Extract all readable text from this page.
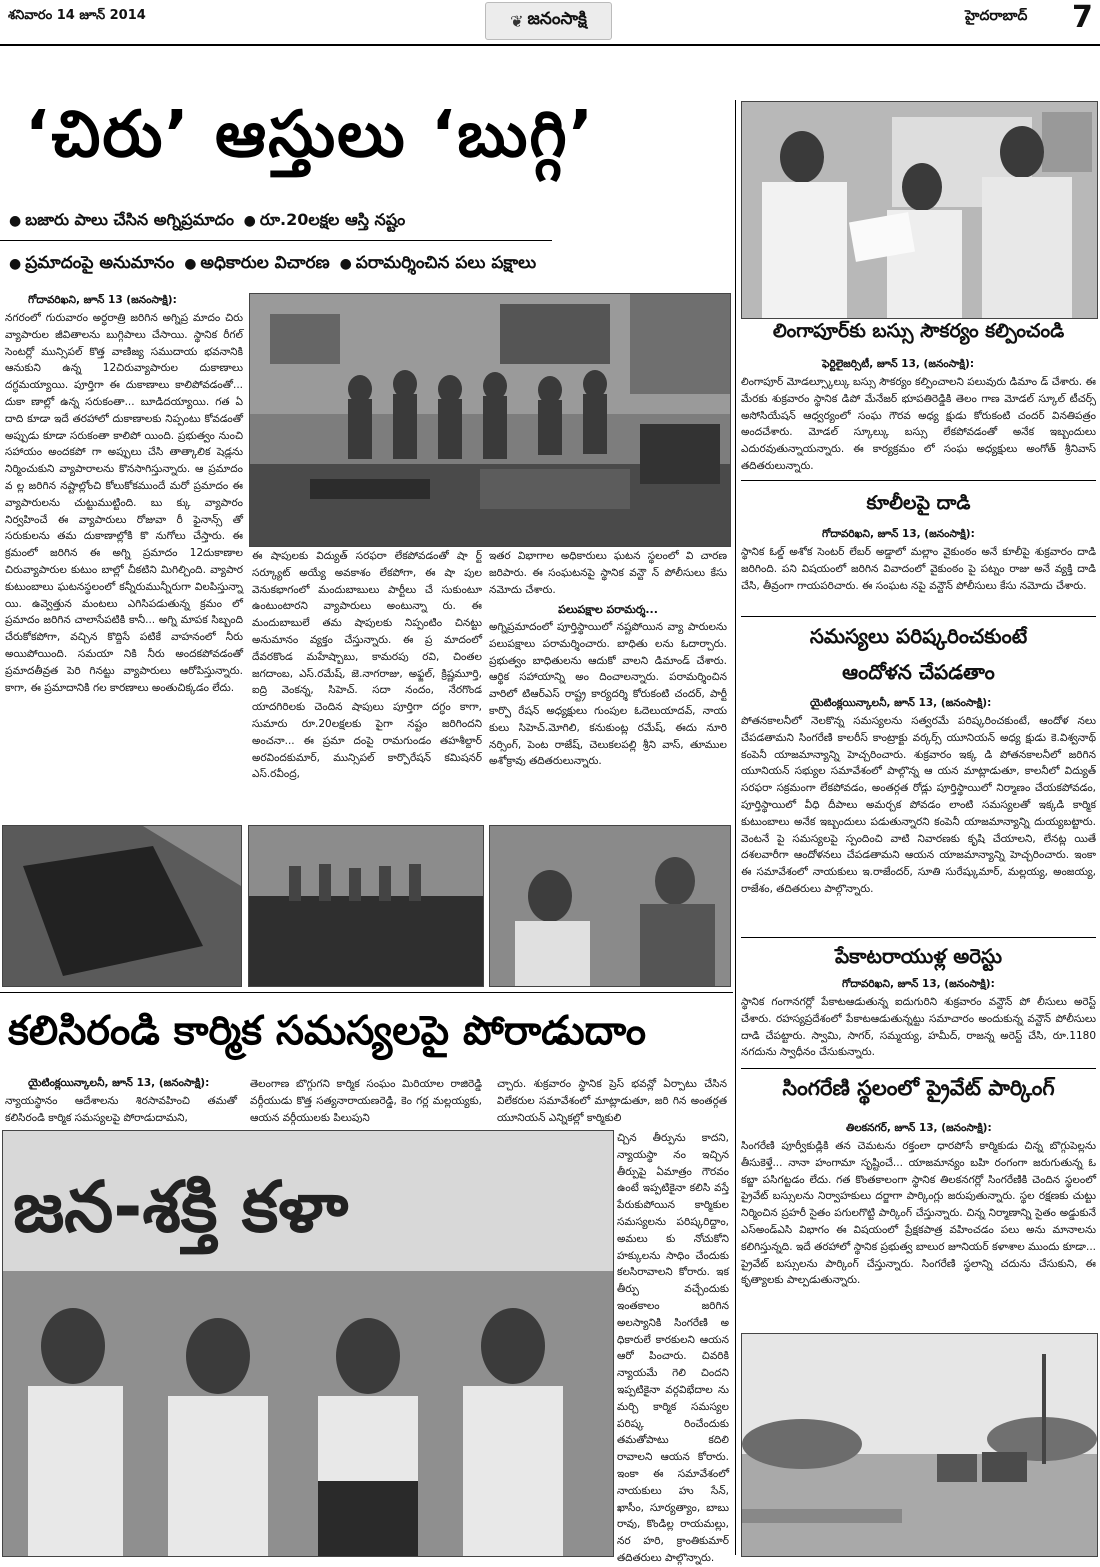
శనివారం 14 జూన్ 2014	❦ జనంసాక్షి	హైదరాబాద్ 7
‘చిరు’ ఆస్తులు ‘బుగ్గి’
● బజారు పాలు చేసిన అగ్నిప్రమాదం ● రూ.20లక్షల ఆస్తి నష్టం
● ప్రమాదంపై అనుమానం ● అధికారుల విచారణ ● పరామర్శించిన పలు పక్షాలు
గోదావరిఖని, జూన్ 13 (జనంసాక్షి):
నగరంలో గురువారం అర్ధరాత్రి జరిగిన అగ్నిప్ర మాదం చిరు వ్యాపారుల జీవితాలను బుగ్గిపాలు చేసాయి. స్థానిక రీగల్ సెంటర్లో మున్సిపల్ కొత్త వాణిజ్య సముదాయ భవనానికి ఆనుకుని ఉన్న 12చిరువ్యాపారుల దుకాణాలు దగ్ధమయ్యాయి. పూర్తిగా ఈ దుకాణాలు కాలిపోవడంతో... దుకా ణాల్లో ఉన్న సరుకంతా... బూడిదయ్యాయి. గత ఏ దాది కూడా ఇదే తరహాలో దుకాణాలకు నిప్పంటు కోవడంతో అప్పుడు కూడా సరుకంతా కాలిపో యింది. ప్రభుత్వం నుంచి సహాయం అందకపో గా అప్పులు చేసి తాత్కాలిక షెడ్లను నిర్మించుకుని వ్యాపారాలను కొనసాగిస్తున్నారు. ఆ ప్రమాదం వ ల్ల జరిగిన నష్టాల్లోంచి కోలుకోకముందే మరో ప్రమాదం ఈ వ్యాపారులను చుట్టుముట్టింది. బు క్కు వ్యాపారం నిర్వహించే ఈ వ్యాపారులు రోజువా రీ ఫైనాన్స్ తో సరుకులను తమ దుకాణాల్లోకి కొ నుగోలు చేస్తారు. ఈ క్రమంలో జరిగిన ఈ అగ్ని ప్రమాదం 12దుకాణాల చిరువ్యాపారుల కుటుం బాల్లో చీకటిని మిగిల్చింది. వ్యాపార కుటుంబాలు ఘటనస్థలంలో కన్నీరుమున్నీరుగా విలపిస్తున్నా యి. ఉవ్వెత్తున మంటలు ఎగిసిపడుతున్న క్రమం లో ప్రమాదం జరిగిన చాలాసేపటికి కానీ... అగ్ని మాపక సిబ్బంది చేరుకోకపోగా, వచ్చిన కొద్దిసే పటికే వాహనంలో నీరు అయిపోయింది. సమయా నికి నీరు అందకపోవడంతో ప్రమాదతీవ్రత పెరి గినట్టు వ్యాపారులు ఆరోపిస్తున్నారు. కాగా, ఈ ప్రమాదానికి గల కారణాలు అంతుచిక్కడం లేదు.
ఈ షాపులకు విద్యుత్ సరఫరా లేకపోవడంతో షా ర్ట్ సర్క్యూట్ అయ్యే అవకాశం లేకపోగా, ఈ షా పుల వెనుకభాగంలో మందుబాబులు పార్టీలు చే సుకుంటూ ఉంటుంటారని వ్యాపారులు అంటున్నా రు. ఈ మందుబాబులే తమ షాపులకు నిప్పంటిం చినట్టు అనుమానం వ్యక్తం చేస్తున్నారు. ఈ ప్ర మాదంలో దేవరకొండ మహేష్బాబు, కామరపు రవి, చింతల జగదాంబ, ఎస్.రమేష్, జె.నాగరాజు, అఫ్జల్, క్రిష్ణమూర్తి, ఐద్రి వెంకన్న, సిహెచ్. సదా నందం, నేరగొండ యాదగిరిలకు చెందిన షాపులు పూర్తిగా దగ్ధం కాగా, సుమారు రూ.20లక్షలకు పైగా నష్టం జరిగిందని అంచనా... ఈ ప్రమా దంపై రామగుండం తహశీల్దార్ అరవిందకుమార్, మున్సిపల్ కార్పొరేషన్ కమిషనర్ ఎస్.రవీంద్ర,
ఇతర విభాగాల అధికారులు ఘటన స్థలంలో వి చారణ జరిపారు. ఈ సంఘటనపై స్థానిక వన్టౌ న్ పోలీసులు కేసు నమోదు చేశారు.
పలుపక్షాల పరామర్శ...
అగ్నిప్రమాదంలో పూర్తిస్థాయిలో నష్టపోయిన వ్యా పారులను పలుపక్షాలు పరామర్శించారు. బాధితు లను ఓదార్చారు. ప్రభుత్వం బాధితులను ఆదుకో వాలని డిమాండ్ చేశారు. ఆర్థిక సహాయాన్ని అం దించాలన్నారు. పరామర్శించిన వారిలో టిఆర్ఎస్ రాష్ట్ర కార్యదర్శి కోరుకంటి చందర్, పార్టీ కార్పొ రేషన్ అధ్యక్షులు గుంపుల ఓదెలుయాదవ్, నాయ కులు సిహెచ్.మోగిలి, కనుకుంట్ల రమేష్, ఈదు నూరి నర్సింగ్, పెంట రాజేష్, చెలుకలపల్లి శ్రీని వాస్, తూముల అశోక్రావు తదితరులున్నారు.
కలిసిరండి కార్మిక సమస్యలపై పోరాడుదాం
యైటింక్లయిన్కాలనీ, జూన్ 13, (జనంసాక్షి):
న్యాయస్థానం ఆదేశాలను శిరసావహించి తమతో కలిసిరండి కార్మిక సమస్యలపై పోరాడుదామని,
తెలంగాణ బొగ్గుగని కార్మిక సంఘం మిరియాల రాజిరెడ్డి వర్గీయుడు కొత్త సత్యనారాయణరెడ్డి, కెం గర్ల మల్లయ్యకు, ఆయన వర్గీయులకు పిలుపుని
చ్చారు. శుక్రవారం స్థానిక ప్రెస్ భవన్లో ఏర్పాటు చేసిన విలేకరుల సమావేశంలో మాట్లాడుతూ, జరి గిన అంతర్గత యూనియన్ ఎన్నికల్లో కార్మికులి
జన-శక్తి కళా
చ్చిన తీర్పును కాదని, న్యాయస్థా నం ఇచ్చిన తీర్పుపై ఏమాత్రం గౌరవం ఉంటే ఇప్పటికైనా కలిసి వస్తే పేరుకుపోయిన కార్మికుల సమస్యలను పరిష్కరిద్దాం, అమలు కు నోచుకోని హక్కులను సాధిం చేందుకు కలసిరావాలని కోరారు. ఇక తీర్పు వచ్చేందుకు ఇంతకాలం జరిగిన అలస్యానికి సింగరేణి అ ధికారులే కారకులని ఆయన ఆరో పించారు. చివరికి న్యాయమే గెలి చిందని ఇప్పటికైనా వర్గవిభేదాల ను మర్చి కార్మిక సమస్యల పరిష్క రించేందుకు తమతోపాటు కదిలి రావాలని ఆయన కోరారు. ఇంకా ఈ సమావేశంలో నాయకులు హు సేన్, ఖాసీం, సూర్యత్యాం, బాబు రావు, కొండిల్ల రాయమల్లు, నర హరి, క్రాంతికుమార్ తదితరులు పాల్గొన్నారు.
లింగాపూర్‌కు బస్సు సౌకర్యం కల్పించండి
ఫెర్టిలైజర్సిటీ, జూన్ 13, (జనంసాక్షి):
లింగాపూర్ మోడల్స్కూల్కు బస్సు సౌకర్యం కల్పించాలని పలువురు డిమాం డ్ చేశారు. ఈ మేరకు శుక్రవారం స్థానిక డిపో మేనేజర్ భూపతిరెడ్డికి తెలం గాణ మోడల్ స్కూల్ టీచర్స్ అసోసియేషన్ ఆధ్వర్యంలో సంఘ గౌరవ అధ్య క్షుడు కోరుకంటి చందర్ వినతిపత్రం అందచేశారు. మోడల్ స్కూల్కు బస్సు లేకపోవడంతో అనేక ఇబ్బందులు ఎదురవుతున్నాయన్నారు. ఈ కార్యక్రమం లో సంఘ అధ్యక్షులు అంగోత్ శ్రీనివాస్ తదితరులున్నారు.
కూలీలపై దాడి
గోదావరిఖని, జూన్ 13, (జనంసాక్షి):
స్థానిక ఓల్డ్ అశోక సెంటర్ లేబర్ అడ్డాలో మల్లాం వైకుంఠం అనే కూలీపై శుక్రవారం దాడి జరిగింది. పని విషయంలో జరిగిన వివాదంలో వైకుంఠం పై పట్నం రాజు అనే వ్యక్తి దాడి చేసి, తీవ్రంగా గాయపరిచారు. ఈ సంఘట నపై వన్టౌన్ పోలీసులు కేసు నమోదు చేశారు.
సమస్యలు పరిష్కరించకుంటే
ఆందోళన చేపడతాం
యైటింక్లయిన్కాలనీ, జూన్ 13, (జనంసాక్షి):
పోతనకాలనీలో నెలకొన్న సమస్యలను సత్వరమే పరిష్కరించకుంటే, ఆందోళ నలు చేపడతామని సింగరేణి కాలరీస్ కాంట్రాక్టు వర్కర్స్ యూనియన్ అధ్య క్షుడు కె.విశ్వనాథ్ కంపెనీ యాజమాన్యాన్ని హెచ్చరించారు. శుక్రవారం ఇక్క డి పోతనకాలనీలో జరిగిన యూనియన్ సభ్యుల సమావేశంలో పాల్గొన్న ఆ యన మాట్లాడుతూ, కాలనీలో విద్యుత్ సరఫరా సక్రమంగా లేకపోవడం, అంతర్గత రోడ్లు పూర్తిస్థాయిలో నిర్మాణం చేయకపోవడం, పూర్తిస్థాయిలో వీధి దీపాలు అమర్చక పోవడం లాంటి సమస్యలతో ఇక్కడి కార్మిక కుటుంబాలు అనేక ఇబ్బందులు పడుతున్నారని కంపెనీ యాజమాన్యాన్ని దుయ్యబట్టారు. వెంటనే పై సమస్యలపై స్పందించి వాటి నివారణకు కృషి చేయాలని, లేనట్ల యితే దశలవారీగా ఆందోళనలు చేపడతామని ఆయన యాజమాన్యాన్ని హెచ్చరించారు. ఇంకా ఈ సమావేశంలో నాయకులు ఇ.రాజేందర్, సూతి సురేష్కుమార్, మల్లయ్య, అంజయ్య, రాజేశం, తదితరులు పాల్గొన్నారు.
పేకాటరాయుళ్ల అరెస్టు
గోదావరిఖని, జూన్ 13, (జనంసాక్షి):
స్థానిక గంగానగర్లో పేకాటఆడుతున్న ఐదుగురిని శుక్రవారం వన్టౌన్ పో లీసులు అరెస్ట్ చేశారు. రహస్యప్రదేశంలో పేకాటఆడుతున్నట్టు సమాచారం అందుకున్న వన్టౌన్ పోలీసులు దాడి చేపట్టారు. స్వామి, సాగర్, సమ్మయ్య, హమీద్, రాజన్న అరెస్ట్ చేసి, రూ.1180 నగదును స్వాధీనం చేసుకున్నారు.
సింగరేణి స్థలంలో ప్రైవేట్ పార్కింగ్
తిలకనగర్, జూన్ 13, (జనంసాక్షి):
సింగరేణి పూర్వీకుడ్లికి తన చెమటను రక్తంలా ధారపోసే కార్మికుడు చిన్న బొగ్గుపెల్లను తీసుకెళ్తే... నానా హంగామా సృష్టించే... యాజమాన్యం బహి రంగంగా జరుగుతున్న ఓ కబ్జా పసిగట్టడం లేదు. గత కొంతకాలంగా స్థానిక తిలకనగర్లో సింగరేణికి చెందిన స్థలంలో ప్రైవేట్ బస్సులను నిర్వాహకులు దర్జాగా పార్కింగ్లు జరుపుతున్నారు. స్థల రక్షణకు చుట్టు నిర్మించిన ప్రహరీ సైతం పగులగొట్టి పార్కింగ్ చేస్తున్నారు. చిన్న నిర్మాణాన్ని సైతం అడ్డుకునే ఎస్అండ్ఎసి విభాగం ఈ విషయంలో ప్రేక్షకపాత్ర వహించడం పలు అను మానాలను కలిగిస్తున్నది. ఇదే తరహాలో స్థానిక ప్రభుత్వ బాలుర జూనియర్ కళాశాల ముందు కూడా... ప్రైవేట్ బస్సులను పార్కింగ్ చేస్తున్నారు. సింగరేణి స్థలాన్ని చదును చేసుకుని, ఈ కృత్యాలకు పాల్పడుతున్నారు.
